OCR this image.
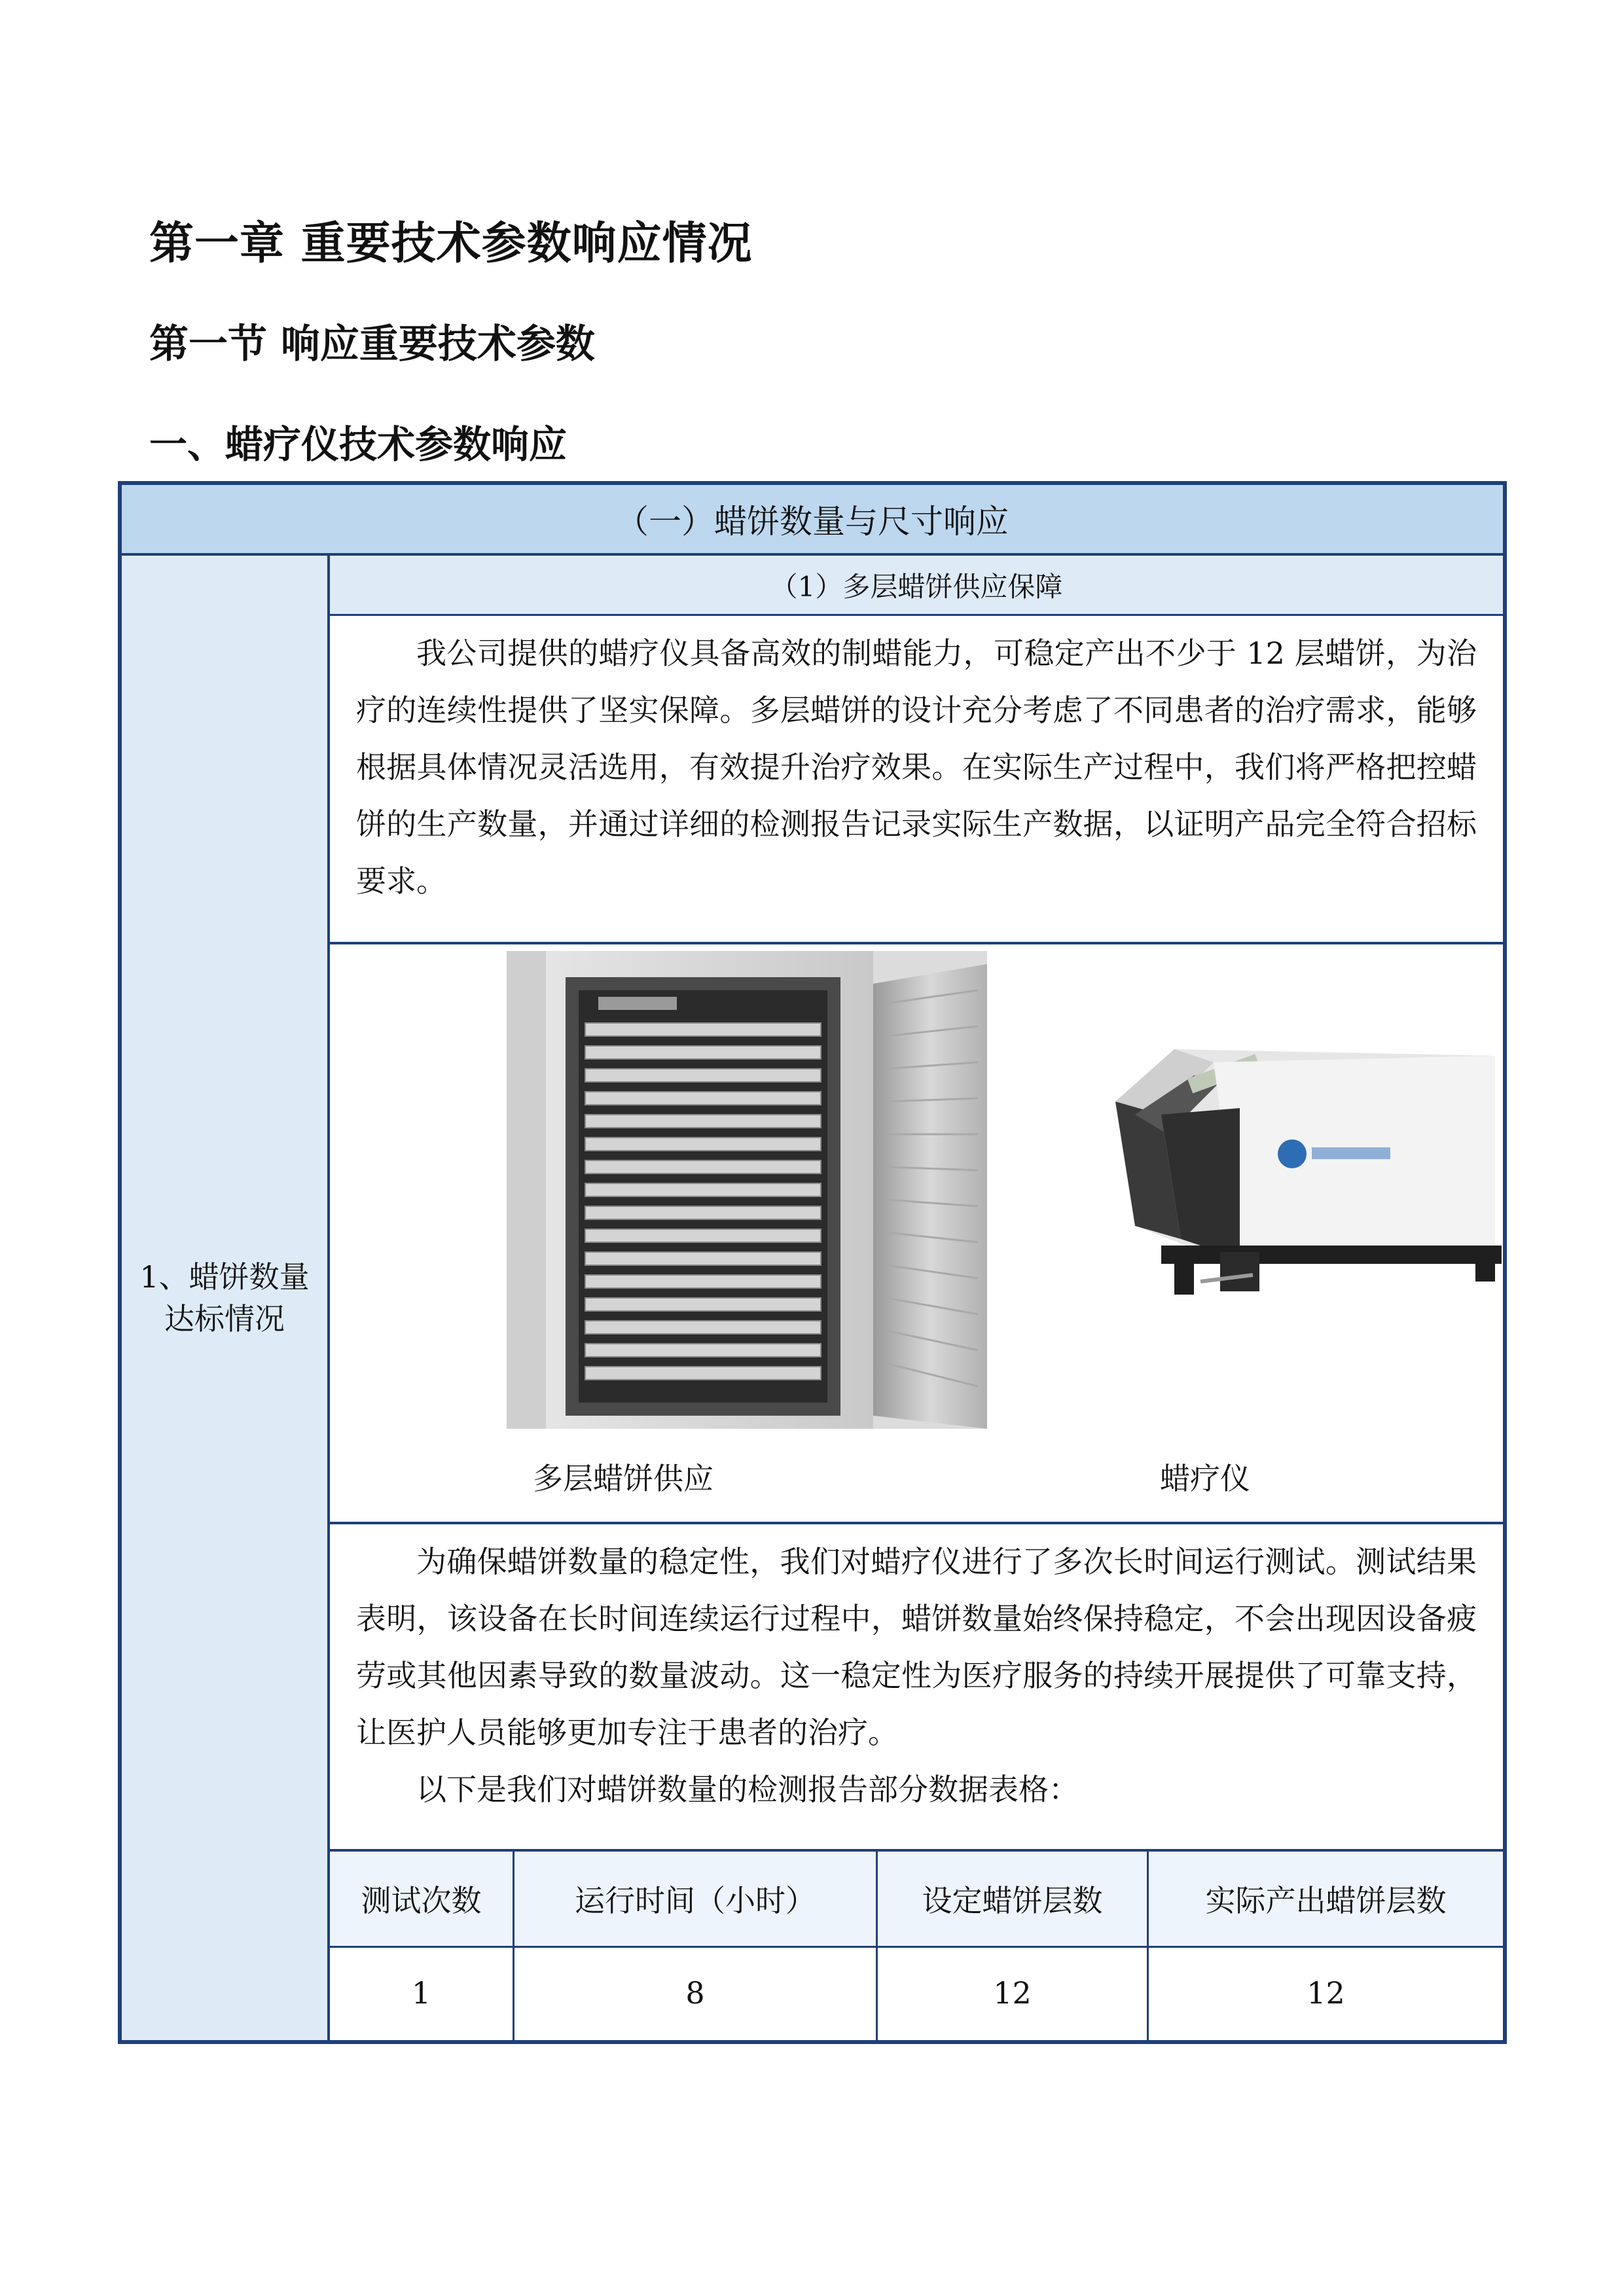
第一章 重要技术参数响应情况
第一节 响应重要技术参数
一、蜡疗仪技术参数响应
（一）蜡饼数量与尺寸响应
1、蜡饼数量达标情况
（1）多层蜡饼供应保障

我公司提供的蜡疗仪具备高效的制蜡能力，可稳定产出不少于 12 层蜡饼，为治疗的连续性提供了坚实保障。多层蜡饼的设计充分考虑了不同患者的治疗需求，能够根据具体情况灵活选用，有效提升治疗效果。在实际生产过程中，我们将严格把控蜡饼的生产数量，并通过详细的检测报告记录实际生产数据，以证明产品完全符合招标要求。

多层蜡饼供应	蜡疗仪

为确保蜡饼数量的稳定性，我们对蜡疗仪进行了多次长时间运行测试。测试结果表明，该设备在长时间连续运行过程中，蜡饼数量始终保持稳定，不会出现因设备疲劳或其他因素导致的数量波动。这一稳定性为医疗服务的持续开展提供了可靠支持，让医护人员能够更加专注于患者的治疗。

以下是我们对蜡饼数量的检测报告部分数据表格：

测试次数	运行时间（小时）	设定蜡饼层数	实际产出蜡饼层数
1	8	12	12
